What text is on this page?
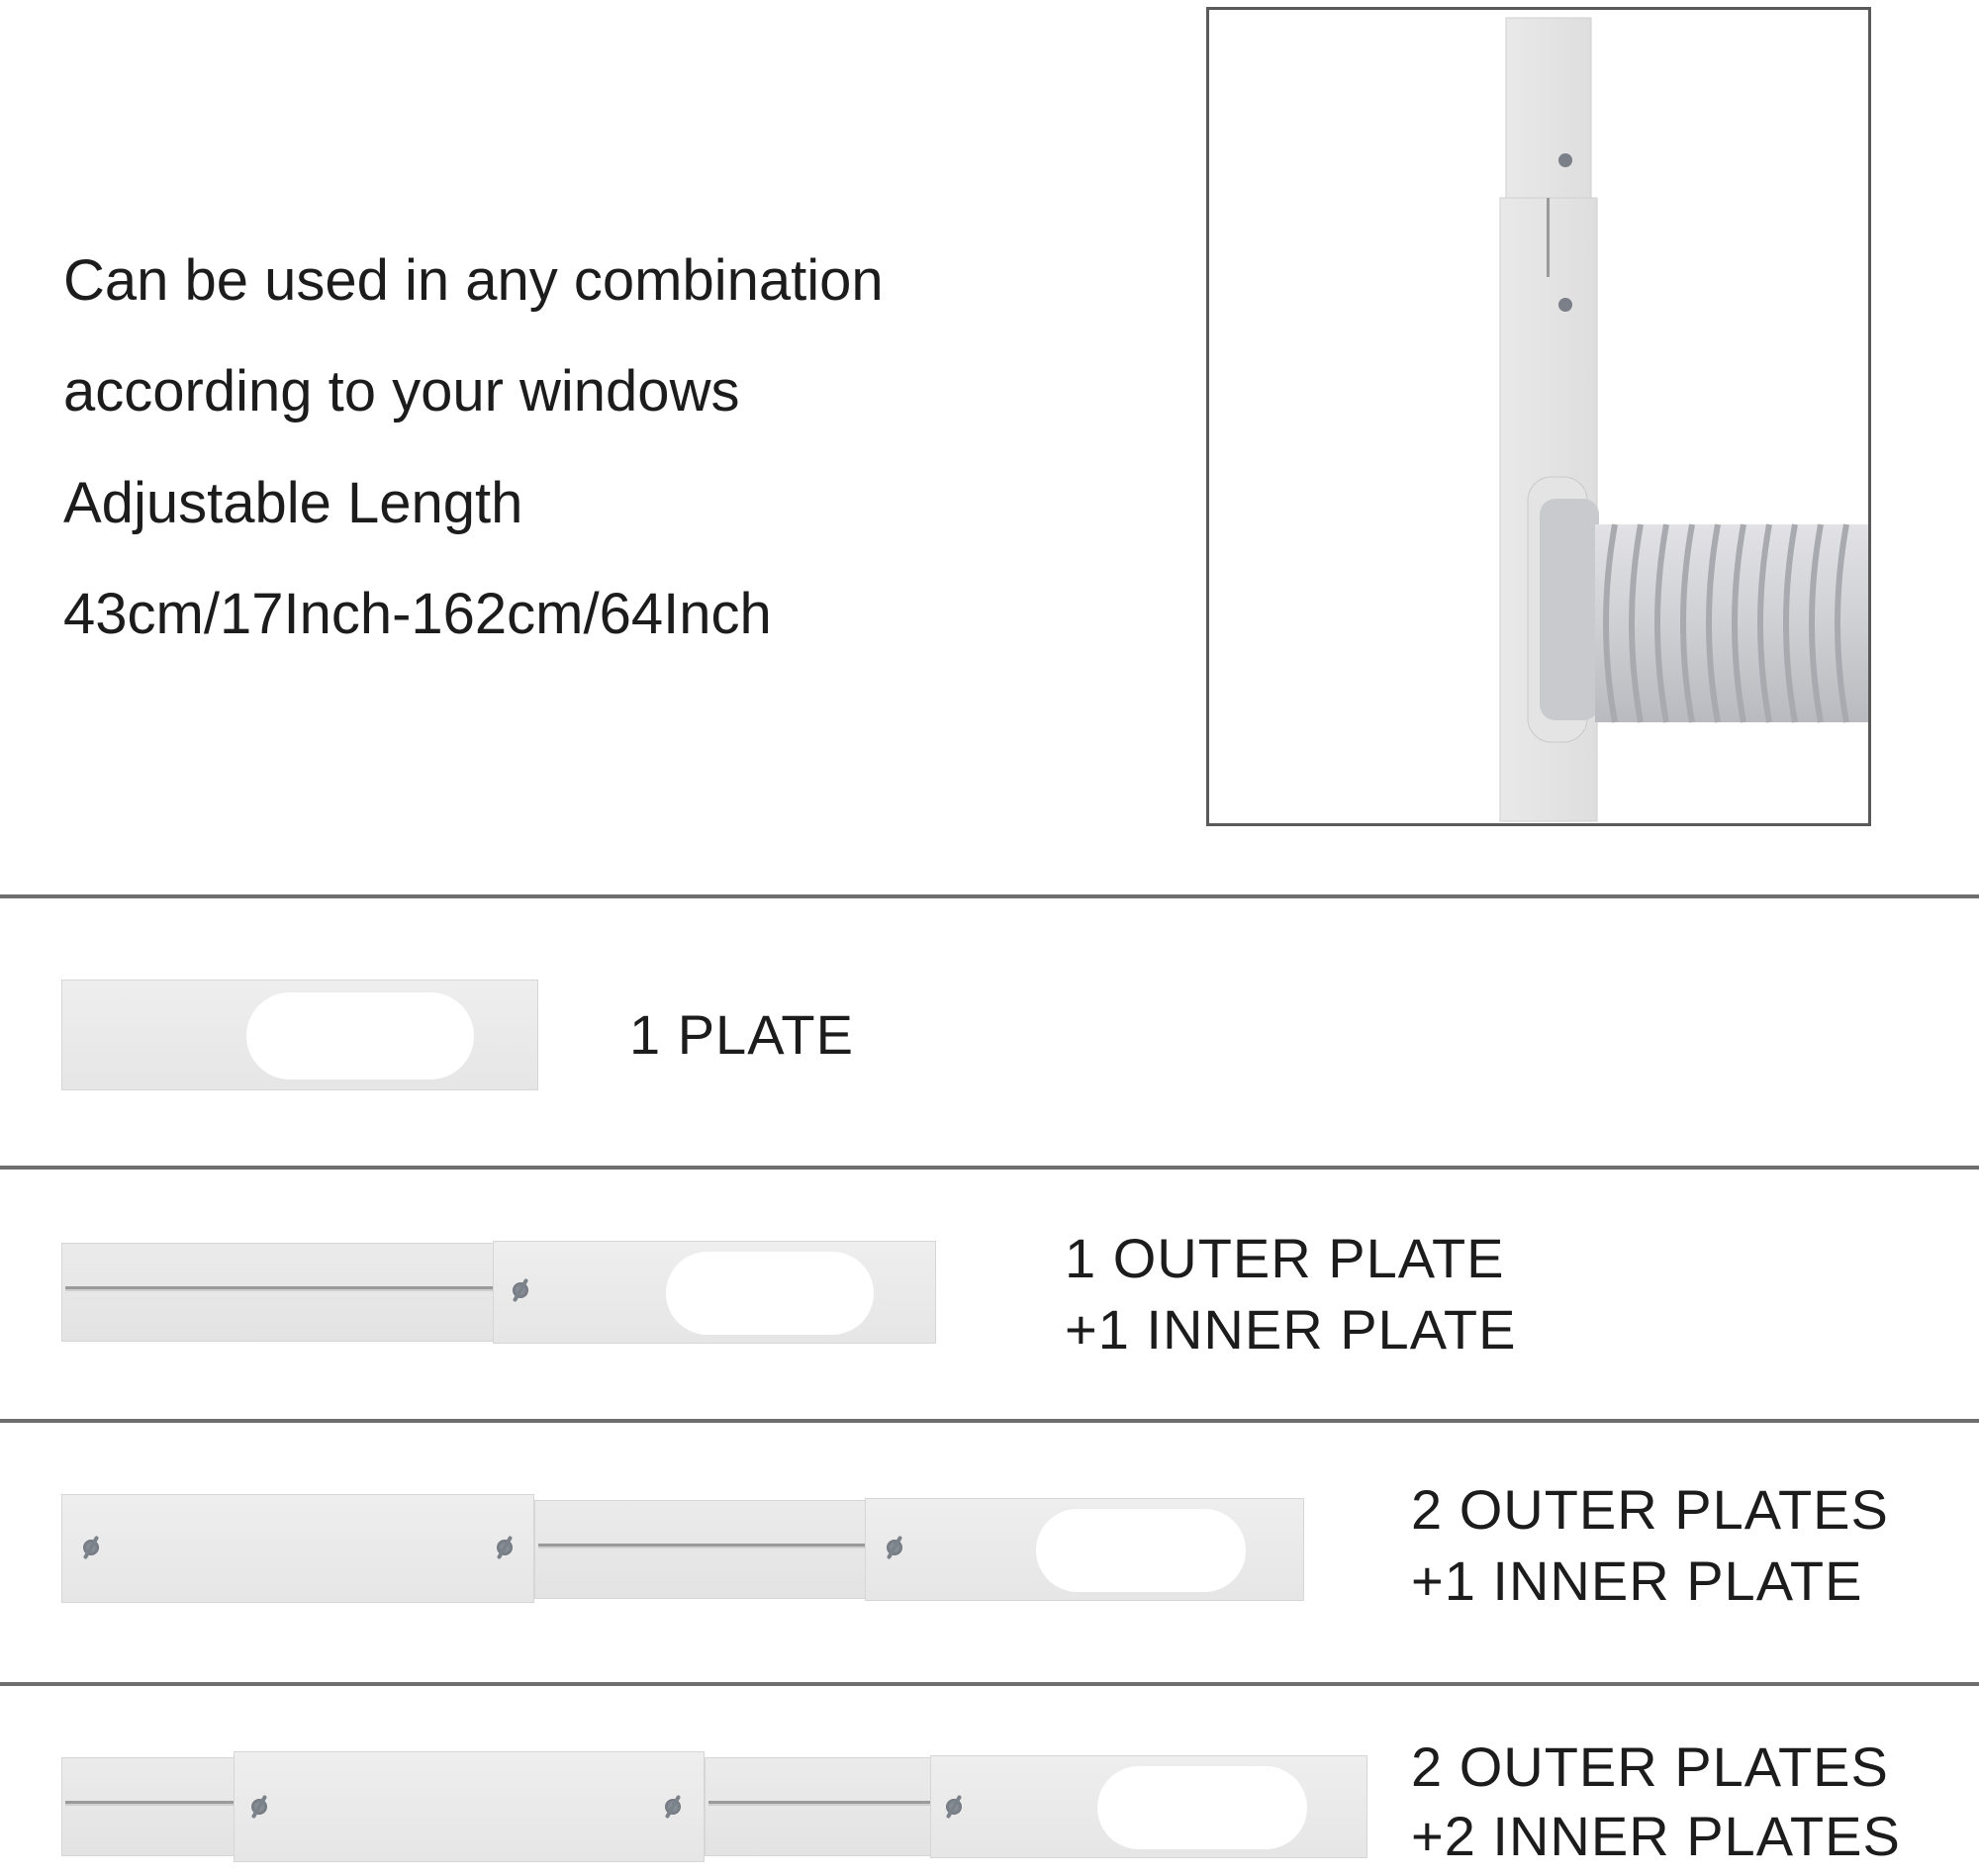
Can be used in any combination
according to your windows
Adjustable Length
43cm/17Inch-162cm/64Inch
1 PLATE
1 OUTER PLATE
+1 INNER PLATE
2 OUTER PLATES
+1 INNER PLATE
2 OUTER PLATES
+2 INNER PLATES
